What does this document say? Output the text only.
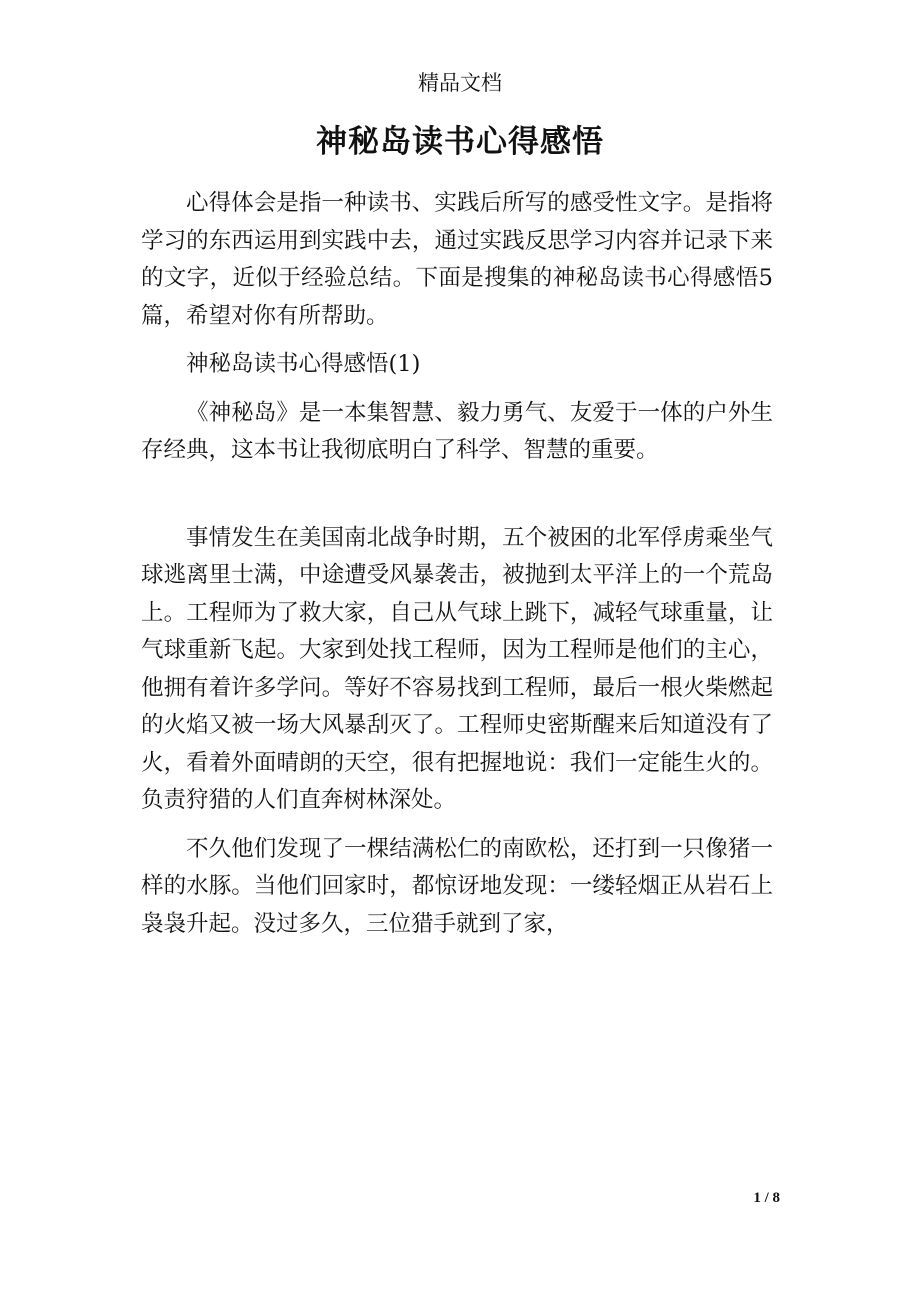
精品文档
神秘岛读书心得感悟

心得体会是指一种读书、实践后所写的感受性文字。是指将学习的东西运用到实践中去，通过实践反思学习内容并记录下来的文字，近似于经验总结。下面是搜集的神秘岛读书心得感悟5篇，希望对你有所帮助。

神秘岛读书心得感悟(1)

《神秘岛》是一本集智慧、毅力勇气、友爱于一体的户外生存经典，这本书让我彻底明白了科学、智慧的重要。

事情发生在美国南北战争时期，五个被困的北军俘虏乘坐气球逃离里士满，中途遭受风暴袭击，被抛到太平洋上的一个荒岛上。工程师为了救大家，自己从气球上跳下，减轻气球重量，让气球重新飞起。大家到处找工程师，因为工程师是他们的主心，他拥有着许多学问。等好不容易找到工程师，最后一根火柴燃起的火焰又被一场大风暴刮灭了。工程师史密斯醒来后知道没有了火，看着外面晴朗的天空，很有把握地说：我们一定能生火的。负责狩猎的人们直奔树林深处。

不久他们发现了一棵结满松仁的南欧松，还打到一只像猪一样的水豚。当他们回家时，都惊讶地发现：一缕轻烟正从岩石上袅袅升起。没过多久，三位猎手就到了家，

1 / 8
